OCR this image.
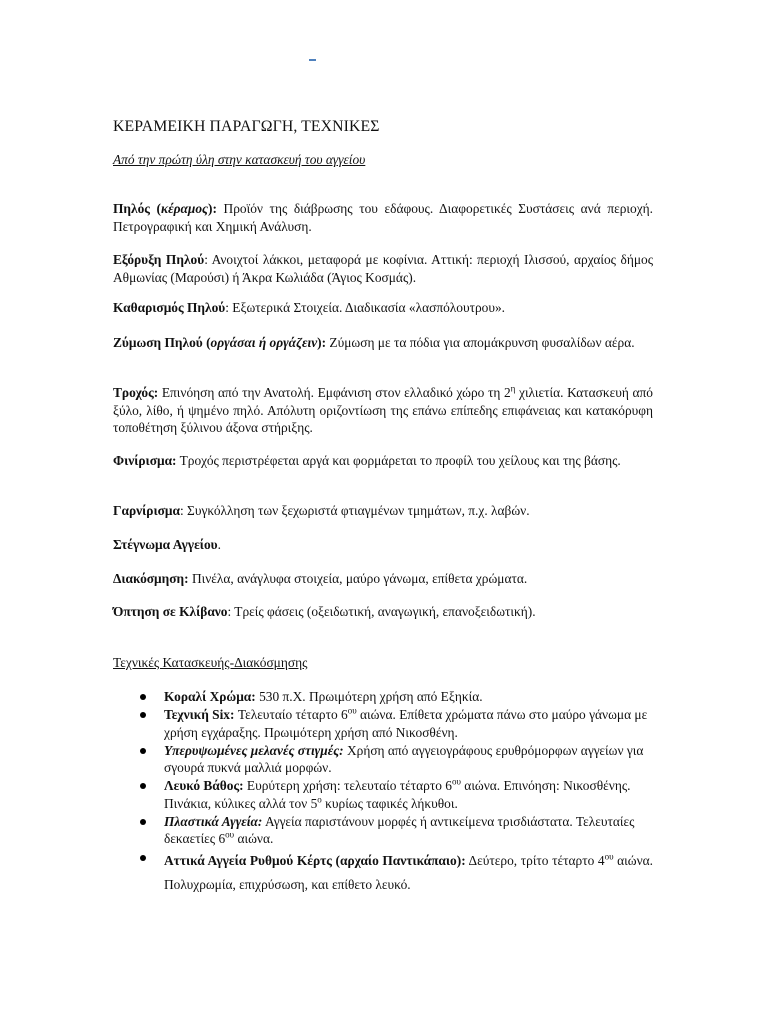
ΚΕΡΑΜΕΙΚΗ ΠΑΡΑΓΩΓΗ, ΤΕΧΝΙΚΕΣ
Από την πρώτη ύλη στην κατασκευή του αγγείου
Πηλός (κέραμος): Προϊόν της διάβρωσης του εδάφους. Διαφορετικές Συστάσεις ανά περιοχή. Πετρογραφική και Χημική Ανάλυση.
Εξόρυξη Πηλού: Ανοιχτοί λάκκοι, μεταφορά με κοφίνια. Αττική: περιοχή Ιλισσού, αρχαίος δήμος Αθμωνίας (Μαρούσι) ή Άκρα Κωλιάδα (Άγιος Κοσμάς).
Καθαρισμός Πηλού: Εξωτερικά Στοιχεία. Διαδικασία «λασπόλουτρου».
Ζύμωση Πηλού (οργάσαι ή οργάζειν): Ζύμωση με τα πόδια για απομάκρυνση φυσαλίδων αέρα.
Τροχός: Επινόηση από την Ανατολή. Εμφάνιση στον ελλαδικό χώρο τη $2^\eta$ χιλιετία. Κατασκευή από ξύλο, λίθο, ή ψημένο πηλό. Απόλυτη οριζοντίωση της επάνω επίπεδης επιφάνειας και κατακόρυφη τοποθέτηση ξύλινου άξονα στήριξης.
Φινίρισμα: Τροχός περιστρέφεται αργά και φορμάρεται το προφίλ του χείλους και της βάσης.
Γαρνίρισμα: Συγκόλληση των ξεχωριστά φτιαγμένων τμημάτων, π.χ. λαβών.
Στέγνωμα Αγγείου.
Διακόσμηση: Πινέλα, ανάγλυφα στοιχεία, μαύρο γάνωμα, επίθετα χρώματα.
Όπτηση σε Κλίβανο: Τρείς φάσεις (οξειδωτική, αναγωγική, επανοξειδωτική).
Τεχνικές Κατασκευής-Διακόσμησης
Κοραλί Χρώμα: 530 π.Χ. Πρωιμότερη χρήση από Εξηκία.
Τεχνική Six: Τελευταίο τέταρτο $6^{o\upsilon}$ αιώνα. Επίθετα χρώματα πάνω στο μαύρο γάνωμα με χρήση εγχάραξης. Πρωιμότερη χρήση από Νικοσθένη.
Υπερυψωμένες μελανές στιγμές: Χρήση από αγγειογράφους ερυθρόμορφων αγγείων για σγουρά πυκνά μαλλιά μορφών.
Λευκό Βάθος: Ευρύτερη χρήση: τελευταίο τέταρτο $6^{o\upsilon}$ αιώνα. Επινόηση: Νικοσθένης. Πινάκια, κύλικες αλλά τον $5^o$ κυρίως ταφικές λήκυθοι.
Πλαστικά Αγγεία: Αγγεία παριστάνουν μορφές ή αντικείμενα τρισδιάστατα. Τελευταίες δεκαετίες $6^{o\upsilon}$ αιώνα.
Αττικά Αγγεία Ρυθμού Κέρτς (αρχαίο Παντικάπαιο): Δεύτερο, τρίτο τέταρτο $4^{o\upsilon}$ αιώνα. Πολυχρωμία, επιχρύσωση, και επίθετο λευκό.
